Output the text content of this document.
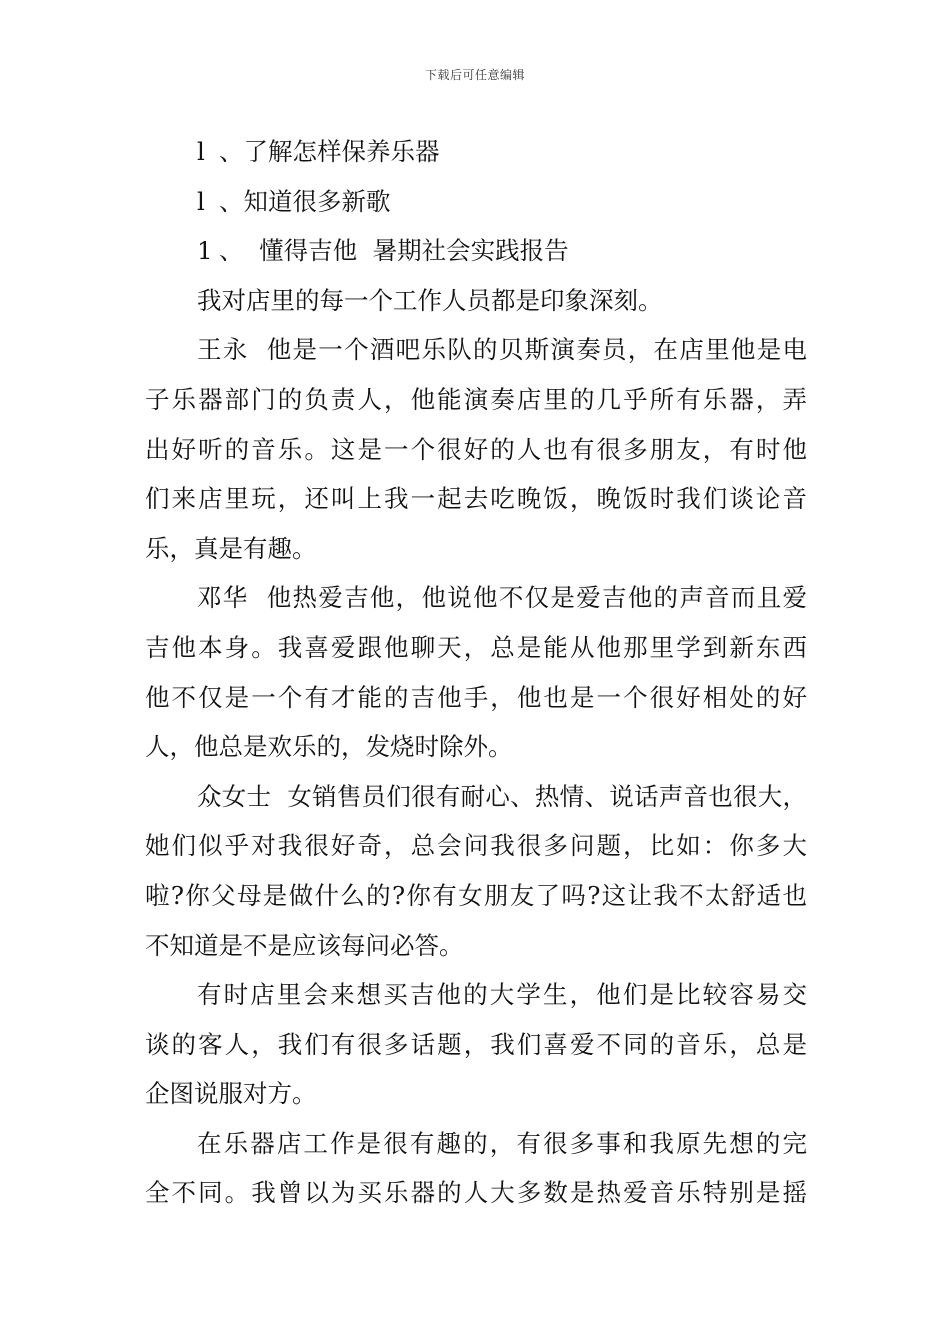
下载后可任意编辑
l 、了解怎样保养乐器
l 、知道很多新歌
1 、  懂得吉他  暑期社会实践报告
我对店里的每一个工作人员都是印象深刻。
王永  他是一个酒吧乐队的贝斯演奏员，在店里他是电
子乐器部门的负责人，他能演奏店里的几乎所有乐器，弄
出好听的音乐。这是一个很好的人也有很多朋友，有时他
们来店里玩，还叫上我一起去吃晚饭，晚饭时我们谈论音
乐，真是有趣。
邓华  他热爱吉他，他说他不仅是爱吉他的声音而且爱
吉他本身。我喜爱跟他聊天，总是能从他那里学到新东西
他不仅是一个有才能的吉他手，他也是一个很好相处的好
人，他总是欢乐的，发烧时除外。
众女士  女销售员们很有耐心、热情、说话声音也很大，
她们似乎对我很好奇，总会问我很多问题，比如：你多大
啦?你父母是做什么的?你有女朋友了吗?这让我不太舒适也
不知道是不是应该每问必答。
有时店里会来想买吉他的大学生，他们是比较容易交
谈的客人，我们有很多话题，我们喜爱不同的音乐，总是
企图说服对方。
在乐器店工作是很有趣的，有很多事和我原先想的完
全不同。我曾以为买乐器的人大多数是热爱音乐特别是摇
